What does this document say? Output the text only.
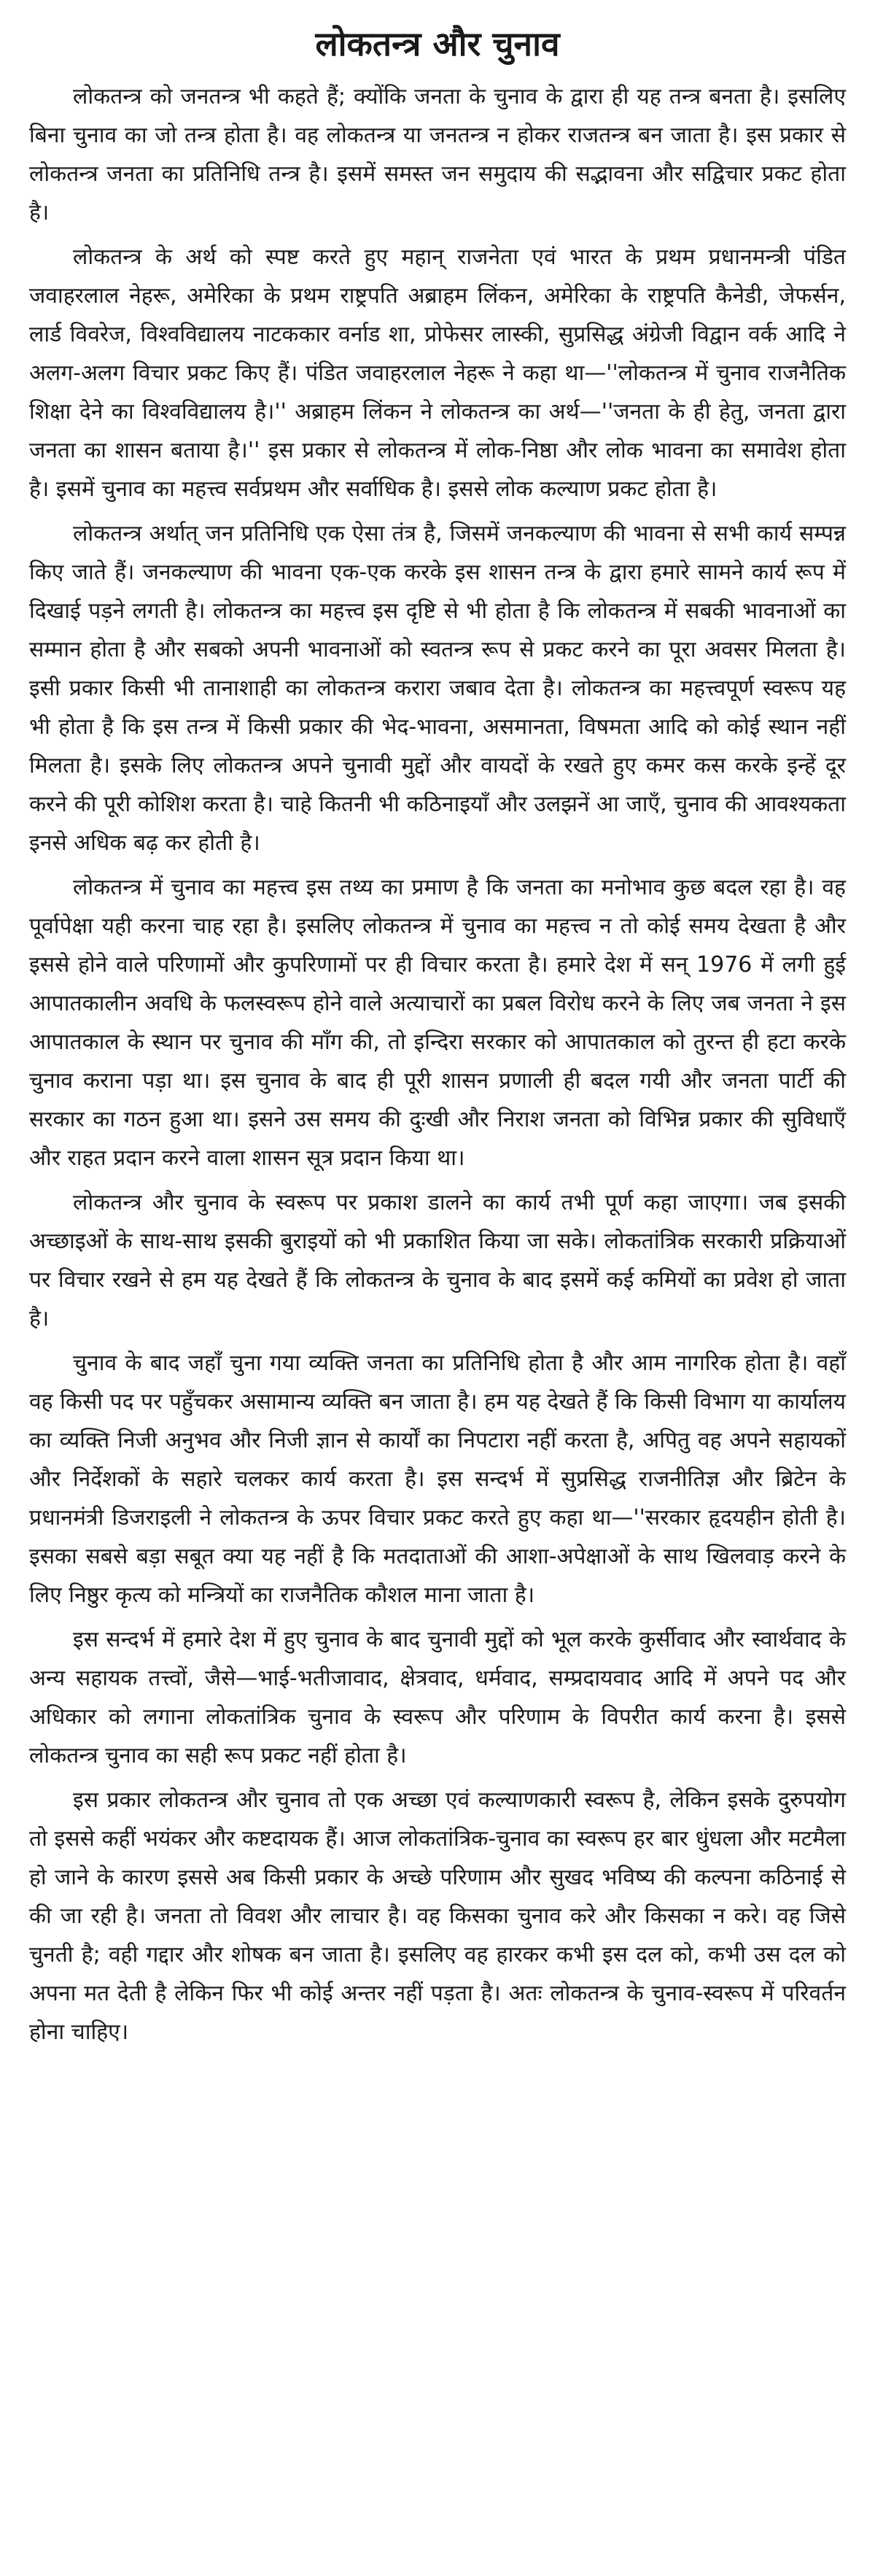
लोकतन्त्र और चुनाव

लोकतन्त्र को जनतन्त्र भी कहते हैं; क्योंकि जनता के चुनाव के द्वारा ही यह तन्त्र बनता है। इसलिए बिना चुनाव का जो तन्त्र होता है। वह लोकतन्त्र या जनतन्त्र न होकर राजतन्त्र बन जाता है। इस प्रकार से लोकतन्त्र जनता का प्रतिनिधि तन्त्र है। इसमें समस्त जन समुदाय की सद्भावना और सद्विचार प्रकट होता है।

लोकतन्त्र के अर्थ को स्पष्ट करते हुए महान् राजनेता एवं भारत के प्रथम प्रधानमन्त्री पंडित जवाहरलाल नेहरू, अमेरिका के प्रथम राष्ट्रपति अब्राहम लिंकन, अमेरिका के राष्ट्रपति कैनेडी, जेफर्सन, लार्ड विवरेज, विश्वविद्यालय नाटककार वर्नाड शा, प्रोफेसर लास्की, सुप्रसिद्ध अंग्रेजी विद्वान वर्क आदि ने अलग-अलग विचार प्रकट किए हैं। पंडित जवाहरलाल नेहरू ने कहा था—''लोकतन्त्र में चुनाव राजनैतिक शिक्षा देने का विश्वविद्यालय है।'' अब्राहम लिंकन ने लोकतन्त्र का अर्थ—''जनता के ही हेतु, जनता द्वारा जनता का शासन बताया है।'' इस प्रकार से लोकतन्त्र में लोक-निष्ठा और लोक भावना का समावेश होता है। इसमें चुनाव का महत्त्व सर्वप्रथम और सर्वाधिक है। इससे लोक कल्याण प्रकट होता है।

लोकतन्त्र अर्थात् जन प्रतिनिधि एक ऐसा तंत्र है, जिसमें जनकल्याण की भावना से सभी कार्य सम्पन्न किए जाते हैं। जनकल्याण की भावना एक-एक करके इस शासन तन्त्र के द्वारा हमारे सामने कार्य रूप में दिखाई पड़ने लगती है। लोकतन्त्र का महत्त्व इस दृष्टि से भी होता है कि लोकतन्त्र में सबकी भावनाओं का सम्मान होता है और सबको अपनी भावनाओं को स्वतन्त्र रूप से प्रकट करने का पूरा अवसर मिलता है। इसी प्रकार किसी भी तानाशाही का लोकतन्त्र करारा जबाव देता है। लोकतन्त्र का महत्त्वपूर्ण स्वरूप यह भी होता है कि इस तन्त्र में किसी प्रकार की भेद-भावना, असमानता, विषमता आदि को कोई स्थान नहीं मिलता है। इसके लिए लोकतन्त्र अपने चुनावी मुद्दों और वायदों के रखते हुए कमर कस करके इन्हें दूर करने की पूरी कोशिश करता है। चाहे कितनी भी कठिनाइयाँ और उलझनें आ जाएँ, चुनाव की आवश्यकता इनसे अधिक बढ़ कर होती है।

लोकतन्त्र में चुनाव का महत्त्व इस तथ्य का प्रमाण है कि जनता का मनोभाव कुछ बदल रहा है। वह पूर्वापेक्षा यही करना चाह रहा है। इसलिए लोकतन्त्र में चुनाव का महत्त्व न तो कोई समय देखता है और इससे होने वाले परिणामों और कुपरिणामों पर ही विचार करता है। हमारे देश में सन् 1976 में लगी हुई आपातकालीन अवधि के फलस्वरूप होने वाले अत्याचारों का प्रबल विरोध करने के लिए जब जनता ने इस आपातकाल के स्थान पर चुनाव की माँग की, तो इन्दिरा सरकार को आपातकाल को तुरन्त ही हटा करके चुनाव कराना पड़ा था। इस चुनाव के बाद ही पूरी शासन प्रणाली ही बदल गयी और जनता पार्टी की सरकार का गठन हुआ था। इसने उस समय की दुःखी और निराश जनता को विभिन्न प्रकार की सुविधाएँ और राहत प्रदान करने वाला शासन सूत्र प्रदान किया था।

लोकतन्त्र और चुनाव के स्वरूप पर प्रकाश डालने का कार्य तभी पूर्ण कहा जाएगा। जब इसकी अच्छाइओं के साथ-साथ इसकी बुराइयों को भी प्रकाशित किया जा सके। लोकतांत्रिक सरकारी प्रक्रियाओं पर विचार रखने से हम यह देखते हैं कि लोकतन्त्र के चुनाव के बाद इसमें कई कमियों का प्रवेश हो जाता है।

चुनाव के बाद जहाँ चुना गया व्यक्ति जनता का प्रतिनिधि होता है और आम नागरिक होता है। वहाँ वह किसी पद पर पहुँचकर असामान्य व्यक्ति बन जाता है। हम यह देखते हैं कि किसी विभाग या कार्यालय का व्यक्ति निजी अनुभव और निजी ज्ञान से कार्यों का निपटारा नहीं करता है, अपितु वह अपने सहायकों और निर्देशकों के सहारे चलकर कार्य करता है। इस सन्दर्भ में सुप्रसिद्ध राजनीतिज्ञ और ब्रिटेन के प्रधानमंत्री डिजराइली ने लोकतन्त्र के ऊपर विचार प्रकट करते हुए कहा था—''सरकार हृदयहीन होती है। इसका सबसे बड़ा सबूत क्या यह नहीं है कि मतदाताओं की आशा-अपेक्षाओं के साथ खिलवाड़ करने के लिए निष्ठुर कृत्य को मन्त्रियों का राजनैतिक कौशल माना जाता है।

इस सन्दर्भ में हमारे देश में हुए चुनाव के बाद चुनावी मुद्दों को भूल करके कुर्सीवाद और स्वार्थवाद के अन्य सहायक तत्त्वों, जैसे—भाई-भतीजावाद, क्षेत्रवाद, धर्मवाद, सम्प्रदायवाद आदि में अपने पद और अधिकार को लगाना लोकतांत्रिक चुनाव के स्वरूप और परिणाम के विपरीत कार्य करना है। इससे लोकतन्त्र चुनाव का सही रूप प्रकट नहीं होता है।

इस प्रकार लोकतन्त्र और चुनाव तो एक अच्छा एवं कल्याणकारी स्वरूप है, लेकिन इसके दुरुपयोग तो इससे कहीं भयंकर और कष्टदायक हैं। आज लोकतांत्रिक-चुनाव का स्वरूप हर बार धुंधला और मटमैला हो जाने के कारण इससे अब किसी प्रकार के अच्छे परिणाम और सुखद भविष्य की कल्पना कठिनाई से की जा रही है। जनता तो विवश और लाचार है। वह किसका चुनाव करे और किसका न करे। वह जिसे चुनती है; वही गद्दार और शोषक बन जाता है। इसलिए वह हारकर कभी इस दल को, कभी उस दल को अपना मत देती है लेकिन फिर भी कोई अन्तर नहीं पड़ता है। अतः लोकतन्त्र के चुनाव-स्वरूप में परिवर्तन होना चाहिए।
